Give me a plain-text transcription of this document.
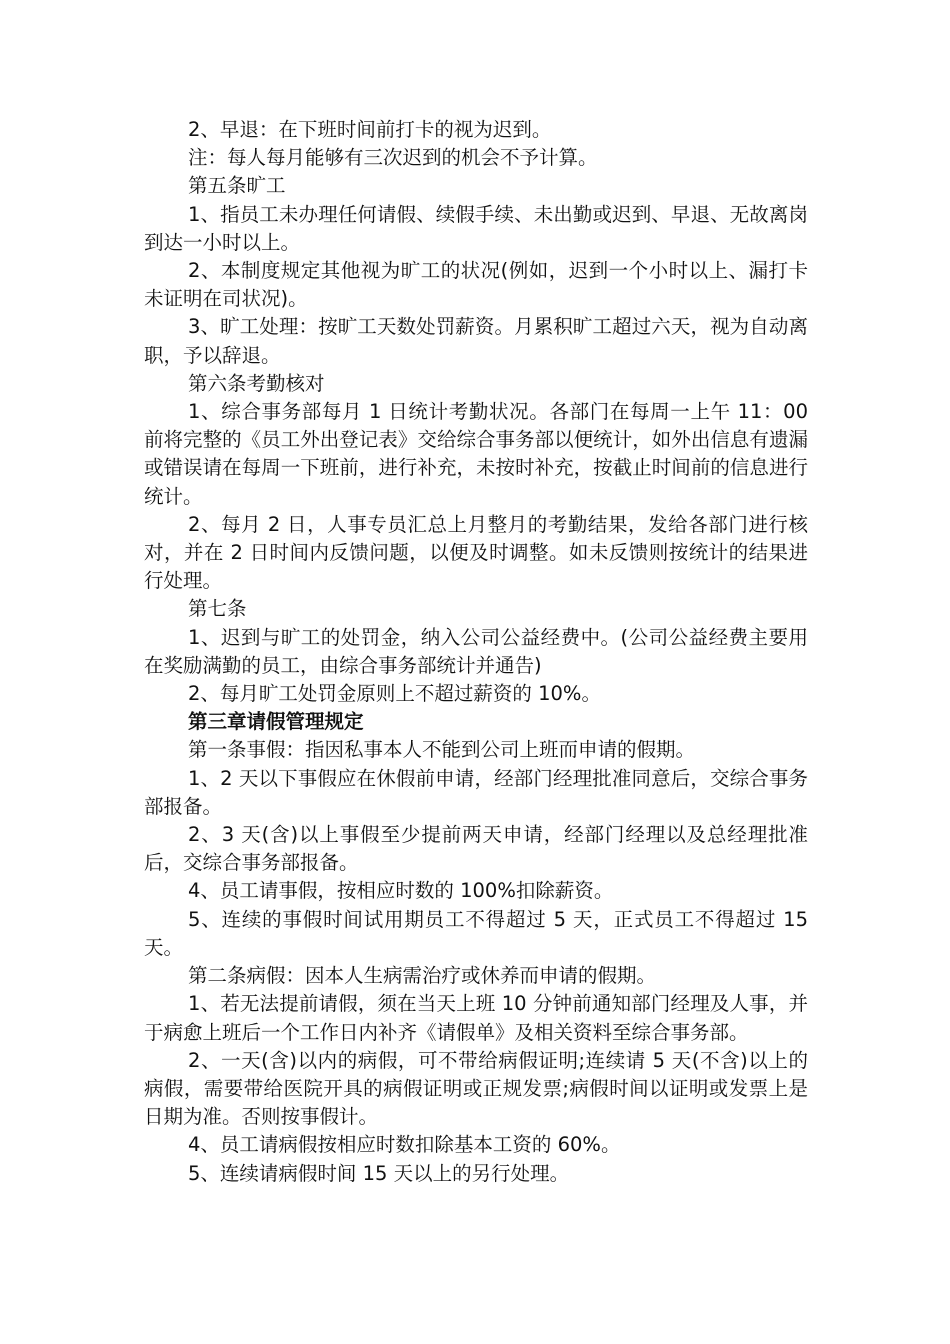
2、早退：在下班时间前打卡的视为迟到。

注：每人每月能够有三次迟到的机会不予计算。

第五条旷工

1、指员工未办理任何请假、续假手续、未出勤或迟到、早退、无故离岗到达一小时以上。

2、本制度规定其他视为旷工的状况(例如，迟到一个小时以上、漏打卡未证明在司状况)。

3、旷工处理：按旷工天数处罚薪资。月累积旷工超过六天，视为自动离职，予以辞退。

第六条考勤核对

1、综合事务部每月 1 日统计考勤状况。各部门在每周一上午 11：00 前将完整的《员工外出登记表》交给综合事务部以便统计，如外出信息有遗漏或错误请在每周一下班前，进行补充，未按时补充，按截止时间前的信息进行统计。

2、每月 2 日，人事专员汇总上月整月的考勤结果，发给各部门进行核对，并在 2 日时间内反馈问题，以便及时调整。如未反馈则按统计的结果进行处理。

第七条

1、迟到与旷工的处罚金，纳入公司公益经费中。(公司公益经费主要用在奖励满勤的员工，由综合事务部统计并通告)

2、每月旷工处罚金原则上不超过薪资的 10%。

第三章请假管理规定

第一条事假：指因私事本人不能到公司上班而申请的假期。

1、2 天以下事假应在休假前申请，经部门经理批准同意后，交综合事务部报备。

2、3 天(含)以上事假至少提前两天申请，经部门经理以及总经理批准后，交综合事务部报备。

4、员工请事假，按相应时数的 100%扣除薪资。

5、连续的事假时间试用期员工不得超过 5 天，正式员工不得超过 15 天。

第二条病假：因本人生病需治疗或休养而申请的假期。

1、若无法提前请假，须在当天上班 10 分钟前通知部门经理及人事，并于病愈上班后一个工作日内补齐《请假单》及相关资料至综合事务部。

2、一天(含)以内的病假，可不带给病假证明;连续请 5 天(不含)以上的病假，需要带给医院开具的病假证明或正规发票;病假时间以证明或发票上是日期为准。否则按事假计。

4、员工请病假按相应时数扣除基本工资的 60%。

5、连续请病假时间 15 天以上的另行处理。
